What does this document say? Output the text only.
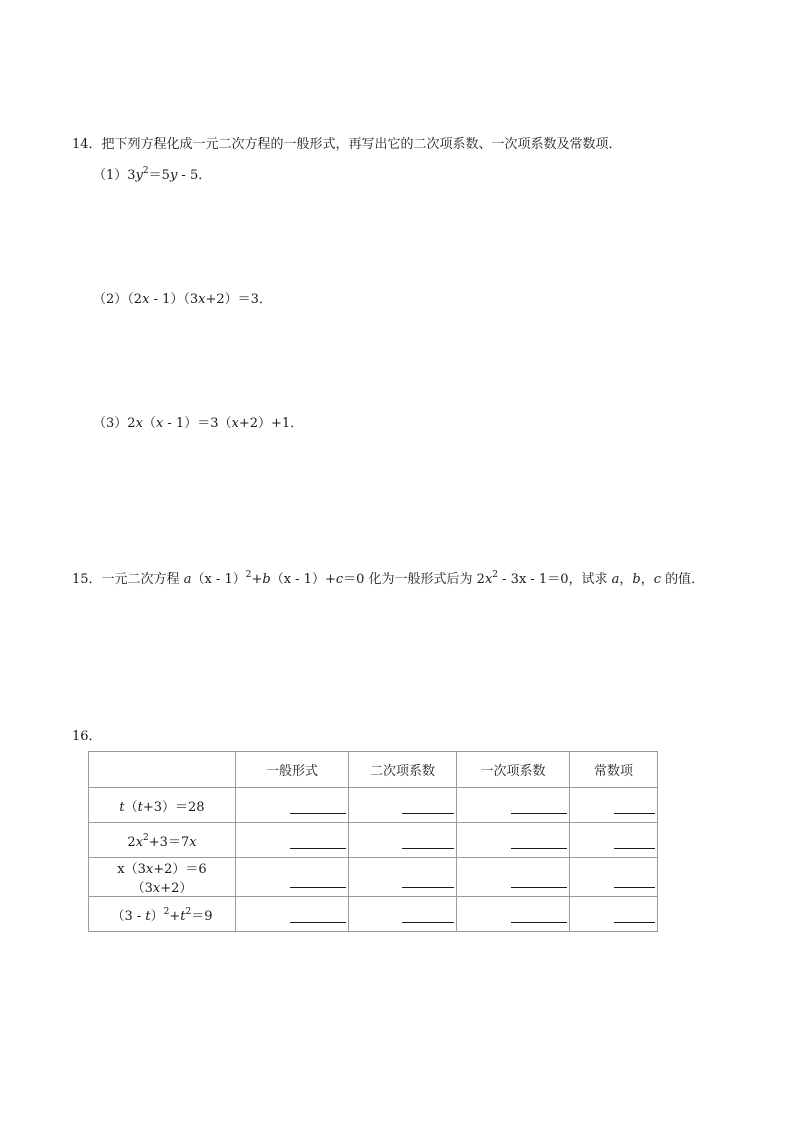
14．把下列方程化成一元二次方程的一般形式，再写出它的二次项系数、一次项系数及常数项．
$(1)3y^2=5y - 5$．
（2）（2x - 1）（3x+2）＝3．
（3）2x（x - 1）＝3（x+2）+1．
15．一元二次方程 a（x - 1）$^2$+b（x - 1）+c＝0 化为一般形式后为 $2x^2 - 3x - 1=0$，试求 a，b，c 的值．
16．
	一般形式	二次项系数	一次项系数	常数项
t（t+3）＝28	

$2x^2+3=7x$	

x（3x+2）＝6（3x+2）	

$(3 - t)^2+t^2=9$	
